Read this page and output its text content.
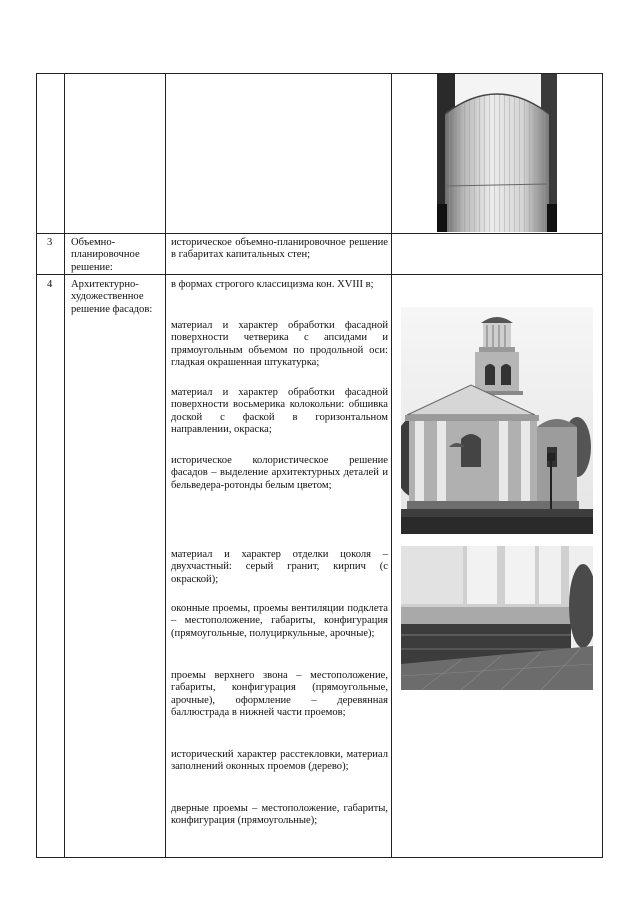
3 Объемно-планировочное решение:
историческое объемно-планировочное решение в габаритах капитальных стен;
4 Архитектурно-художественное решение фасадов:
в формах строгого классицизма кон. XVIII в;
материал и характер обработки фасадной поверхности четверика с апсидами и прямоугольным объемом по продольной оси: гладкая окрашенная штукатурка;
материал и характер обработки фасадной поверхности восьмерика колокольни: обшивка доской с фаской в горизонтальном направлении, окраска;
историческое колористическое решение фасадов – выделение архитектурных деталей и бельведера-ротонды белым цветом;
материал и характер отделки цоколя – двухчастный: серый гранит, кирпич (с окраской);
оконные проемы, проемы вентиляции подклета – местоположение, габариты, конфигурация (прямоугольные, полуциркульные, арочные);
проемы верхнего звона – местоположение, габариты, конфигурация (прямоугольные, арочные), оформление – деревянная баллюстрада в нижней части проемов;
исторический характер расстекловки, материал заполнений оконных проемов (дерево);
дверные проемы – местоположение, габариты, конфигурация (прямоугольные);
